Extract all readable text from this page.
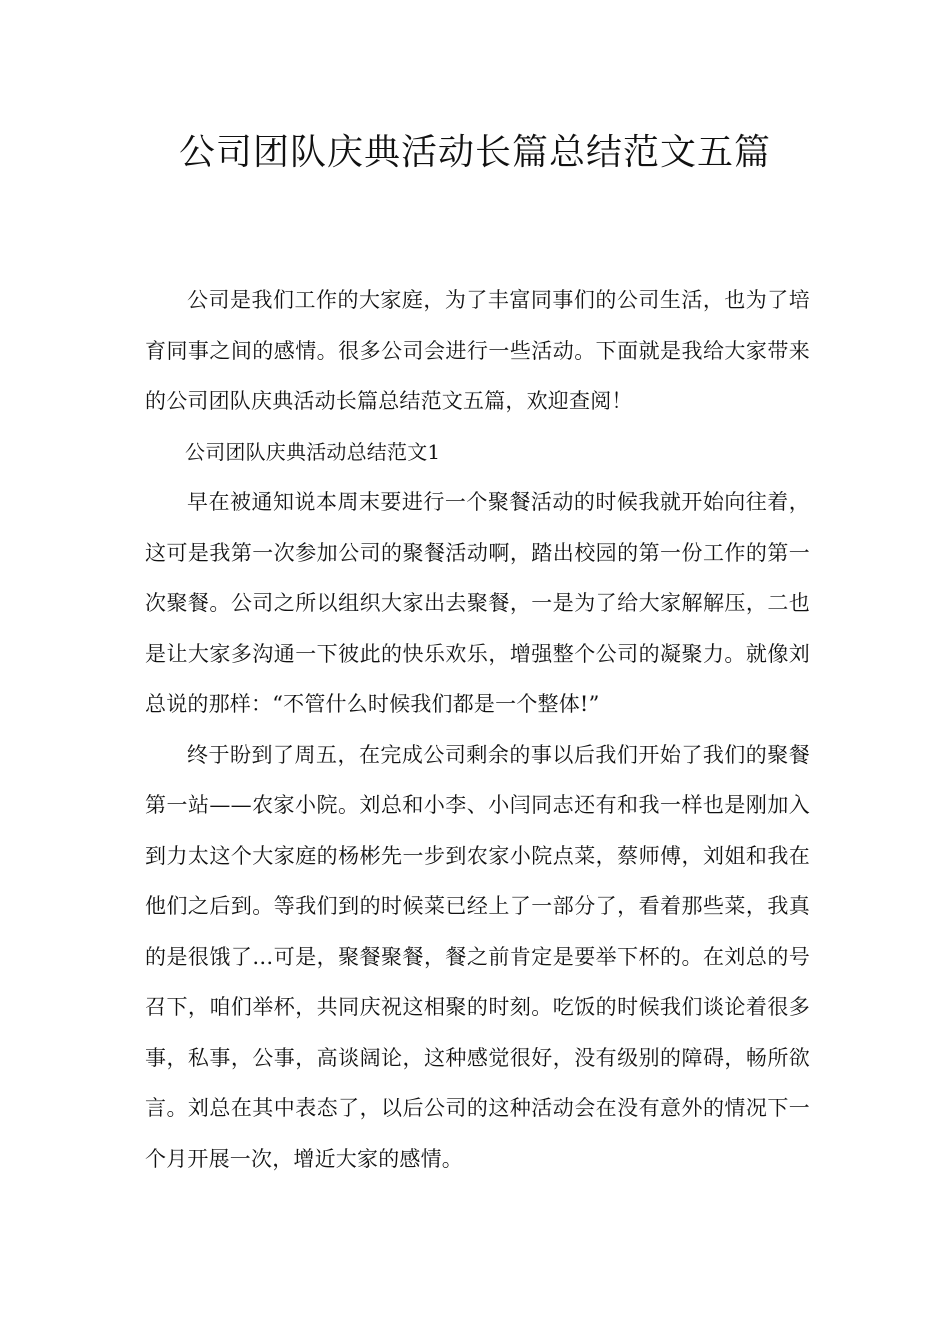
公司团队庆典活动长篇总结范文五篇

公司是我们工作的大家庭，为了丰富同事们的公司生活，也为了培育同事之间的感情。很多公司会进行一些活动。下面就是我给大家带来的公司团队庆典活动长篇总结范文五篇，欢迎查阅！

公司团队庆典活动总结范文1

早在被通知说本周末要进行一个聚餐活动的时候我就开始向往着，这可是我第一次参加公司的聚餐活动啊，踏出校园的第一份工作的第一次聚餐。公司之所以组织大家出去聚餐，一是为了给大家解解压，二也是让大家多沟通一下彼此的快乐欢乐，增强整个公司的凝聚力。就像刘总说的那样：“不管什么时候我们都是一个整体!”

终于盼到了周五，在完成公司剩余的事以后我们开始了我们的聚餐第一站——农家小院。刘总和小李、小闫同志还有和我一样也是刚加入到力太这个大家庭的杨彬先一步到农家小院点菜，蔡师傅，刘姐和我在他们之后到。等我们到的时候菜已经上了一部分了，看着那些菜，我真的是很饿了…可是，聚餐聚餐，餐之前肯定是要举下杯的。在刘总的号召下，咱们举杯，共同庆祝这相聚的时刻。吃饭的时候我们谈论着很多事，私事，公事，高谈阔论，这种感觉很好，没有级别的障碍，畅所欲言。刘总在其中表态了，以后公司的这种活动会在没有意外的情况下一个月开展一次，增近大家的感情。
